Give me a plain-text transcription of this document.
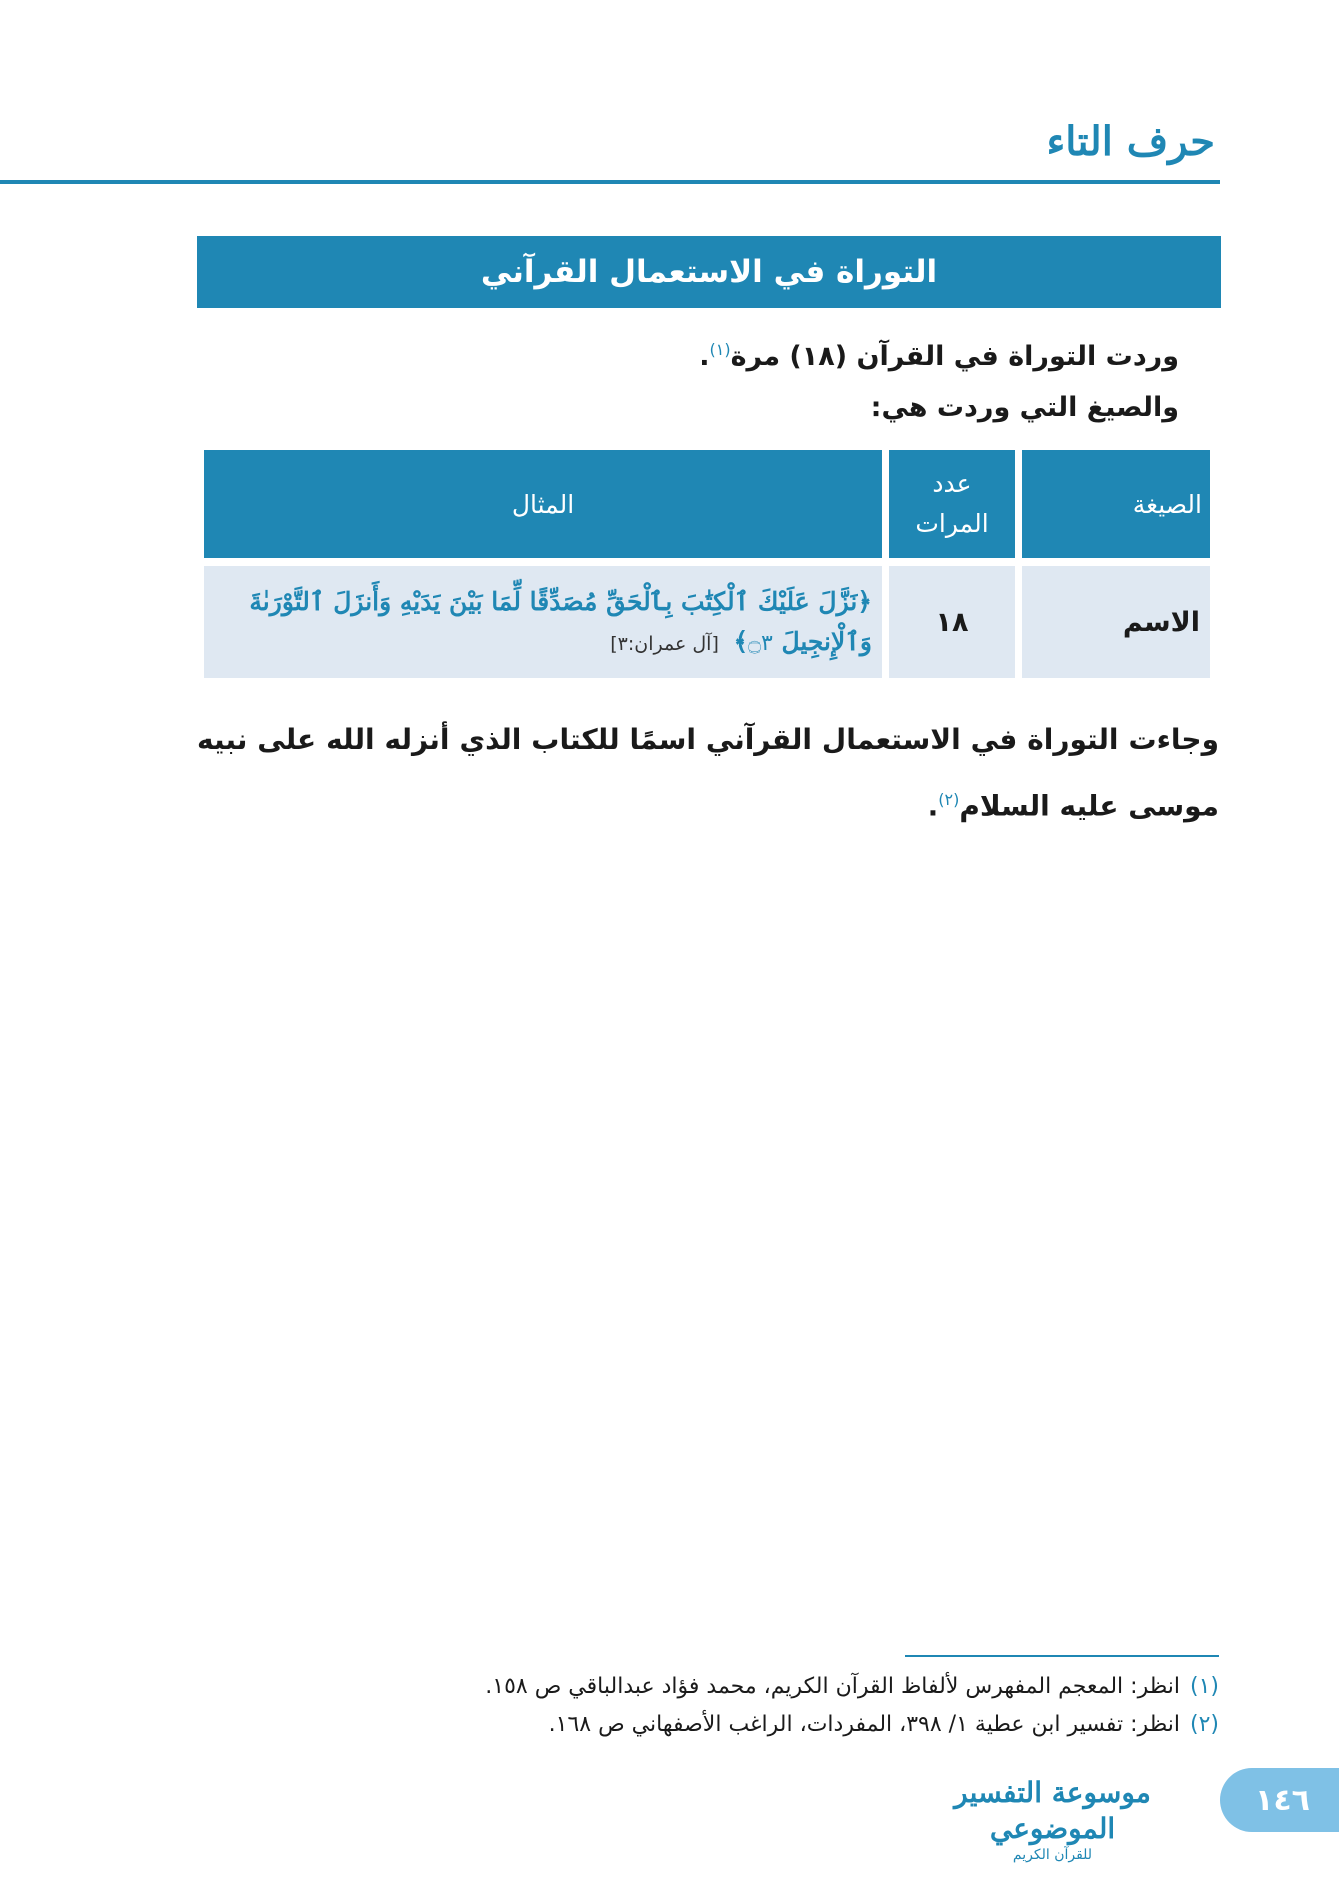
حرف التاء
التوراة في الاستعمال القرآني
وردت التوراة في القرآن (١٨) مرة$^{(١)}$.
والصيغ التي وردت هي:
الصيغة	عدد المرات	المثال
الاسم	١٨	﴿نَزَّلَ عَلَيْكَ ٱلْكِتَٰبَ بِٱلْحَقِّ مُصَدِّقًا لِّمَا بَيْنَ يَدَيْهِ وَأَنزَلَ ٱلتَّوْرَىٰةَ وَٱلْإِنجِيلَ ۝٣﴾ [آل عمران:٣]
وجاءت التوراة في الاستعمال القرآني اسمًا للكتاب الذي أنزله الله على نبيه موسى عليه السلام$^{(٢)}$.
(١)انظر: المعجم المفهرس لألفاظ القرآن الكريم، محمد فؤاد عبدالباقي ص ١٥٨.
(٢)انظر: تفسير ابن عطية ١/ ٣٩٨، المفردات، الراغب الأصفهاني ص ١٦٨.
موسوعة التفسير الموضوعي
للقرآن الكريم
١٤٦
